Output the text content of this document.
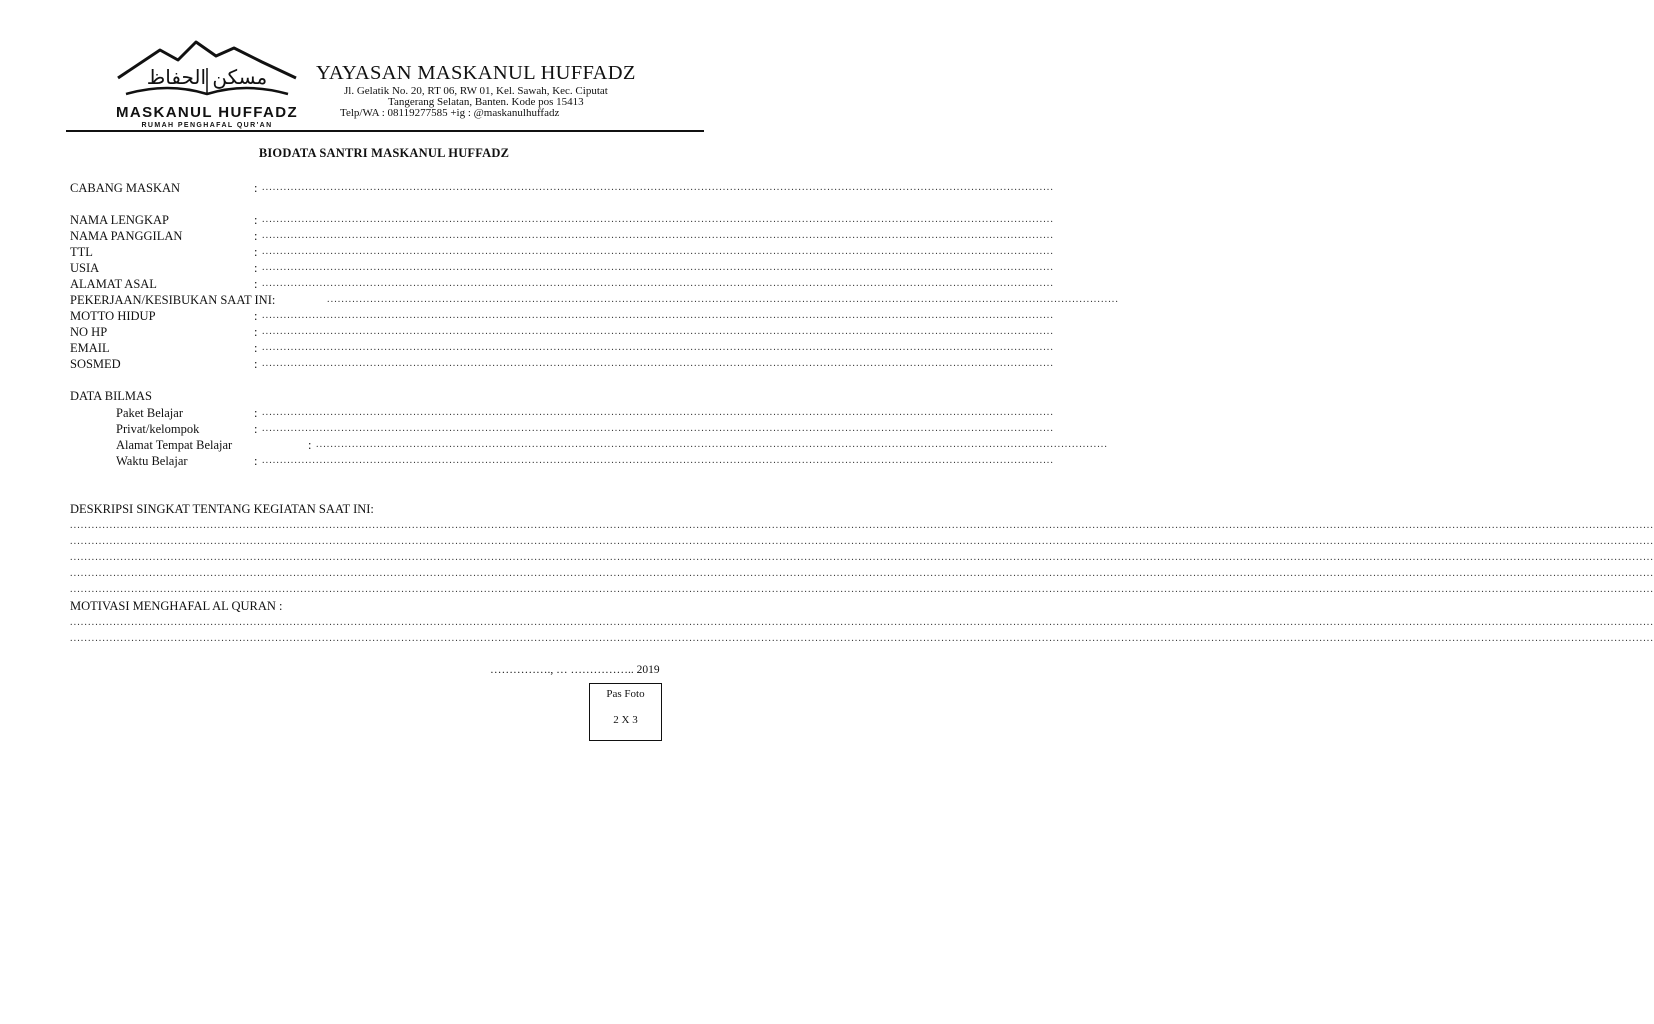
مسكن الحفاظ
MASKANUL HUFFADZ
RUMAH PENGHAFAL QUR'AN
YAYASAN MASKANUL HUFFADZ
Jl. Gelatik No. 20, RT 06, RW 01, Kel. Sawah, Kec. Ciputat
Tangerang Selatan, Banten. Kode pos 15413
Telp/WA : 08119277585 +ig : @maskanulhuffadz
BIODATA SANTRI MASKANUL HUFFADZ
CABANG MASKAN	: ............................................................................................................................................................................................................................
NAMA LENGKAP	: ............................................................................................................................................................................................................................
NAMA PANGGILAN	: ............................................................................................................................................................................................................................
TTL	: ............................................................................................................................................................................................................................
USIA	: ............................................................................................................................................................................................................................
ALAMAT ASAL	: ............................................................................................................................................................................................................................
PEKERJAAN/KESIBUKAN SAAT INI:	............................................................................................................................................................................................................................
MOTTO HIDUP	: ............................................................................................................................................................................................................................
NO HP	: ............................................................................................................................................................................................................................
EMAIL	: ............................................................................................................................................................................................................................
SOSMED	: ............................................................................................................................................................................................................................
DATA BILMAS
Paket Belajar	: ............................................................................................................................................................................................................................
Privat/kelompok	: ............................................................................................................................................................................................................................
Alamat Tempat Belajar	: ............................................................................................................................................................................................................................
Waktu Belajar	: ............................................................................................................................................................................................................................
DESKRIPSI SINGKAT TENTANG KEGIATAN SAAT INI:
........................................................................................................................................................................................................................................................................................................................................................................................................................................................
........................................................................................................................................................................................................................................................................................................................................................................................................................................................
........................................................................................................................................................................................................................................................................................................................................................................................................................................................
........................................................................................................................................................................................................................................................................................................................................................................................................................................................
........................................................................................................................................................................................................................................................................................................................................................................................................................................................
MOTIVASI MENGHAFAL AL QURAN :
........................................................................................................................................................................................................................................................................................................................................................................................................................................................
........................................................................................................................................................................................................................................................................................................................................................................................................................................................
……………., … …………….. 2019
Pas Foto
2 X 3
